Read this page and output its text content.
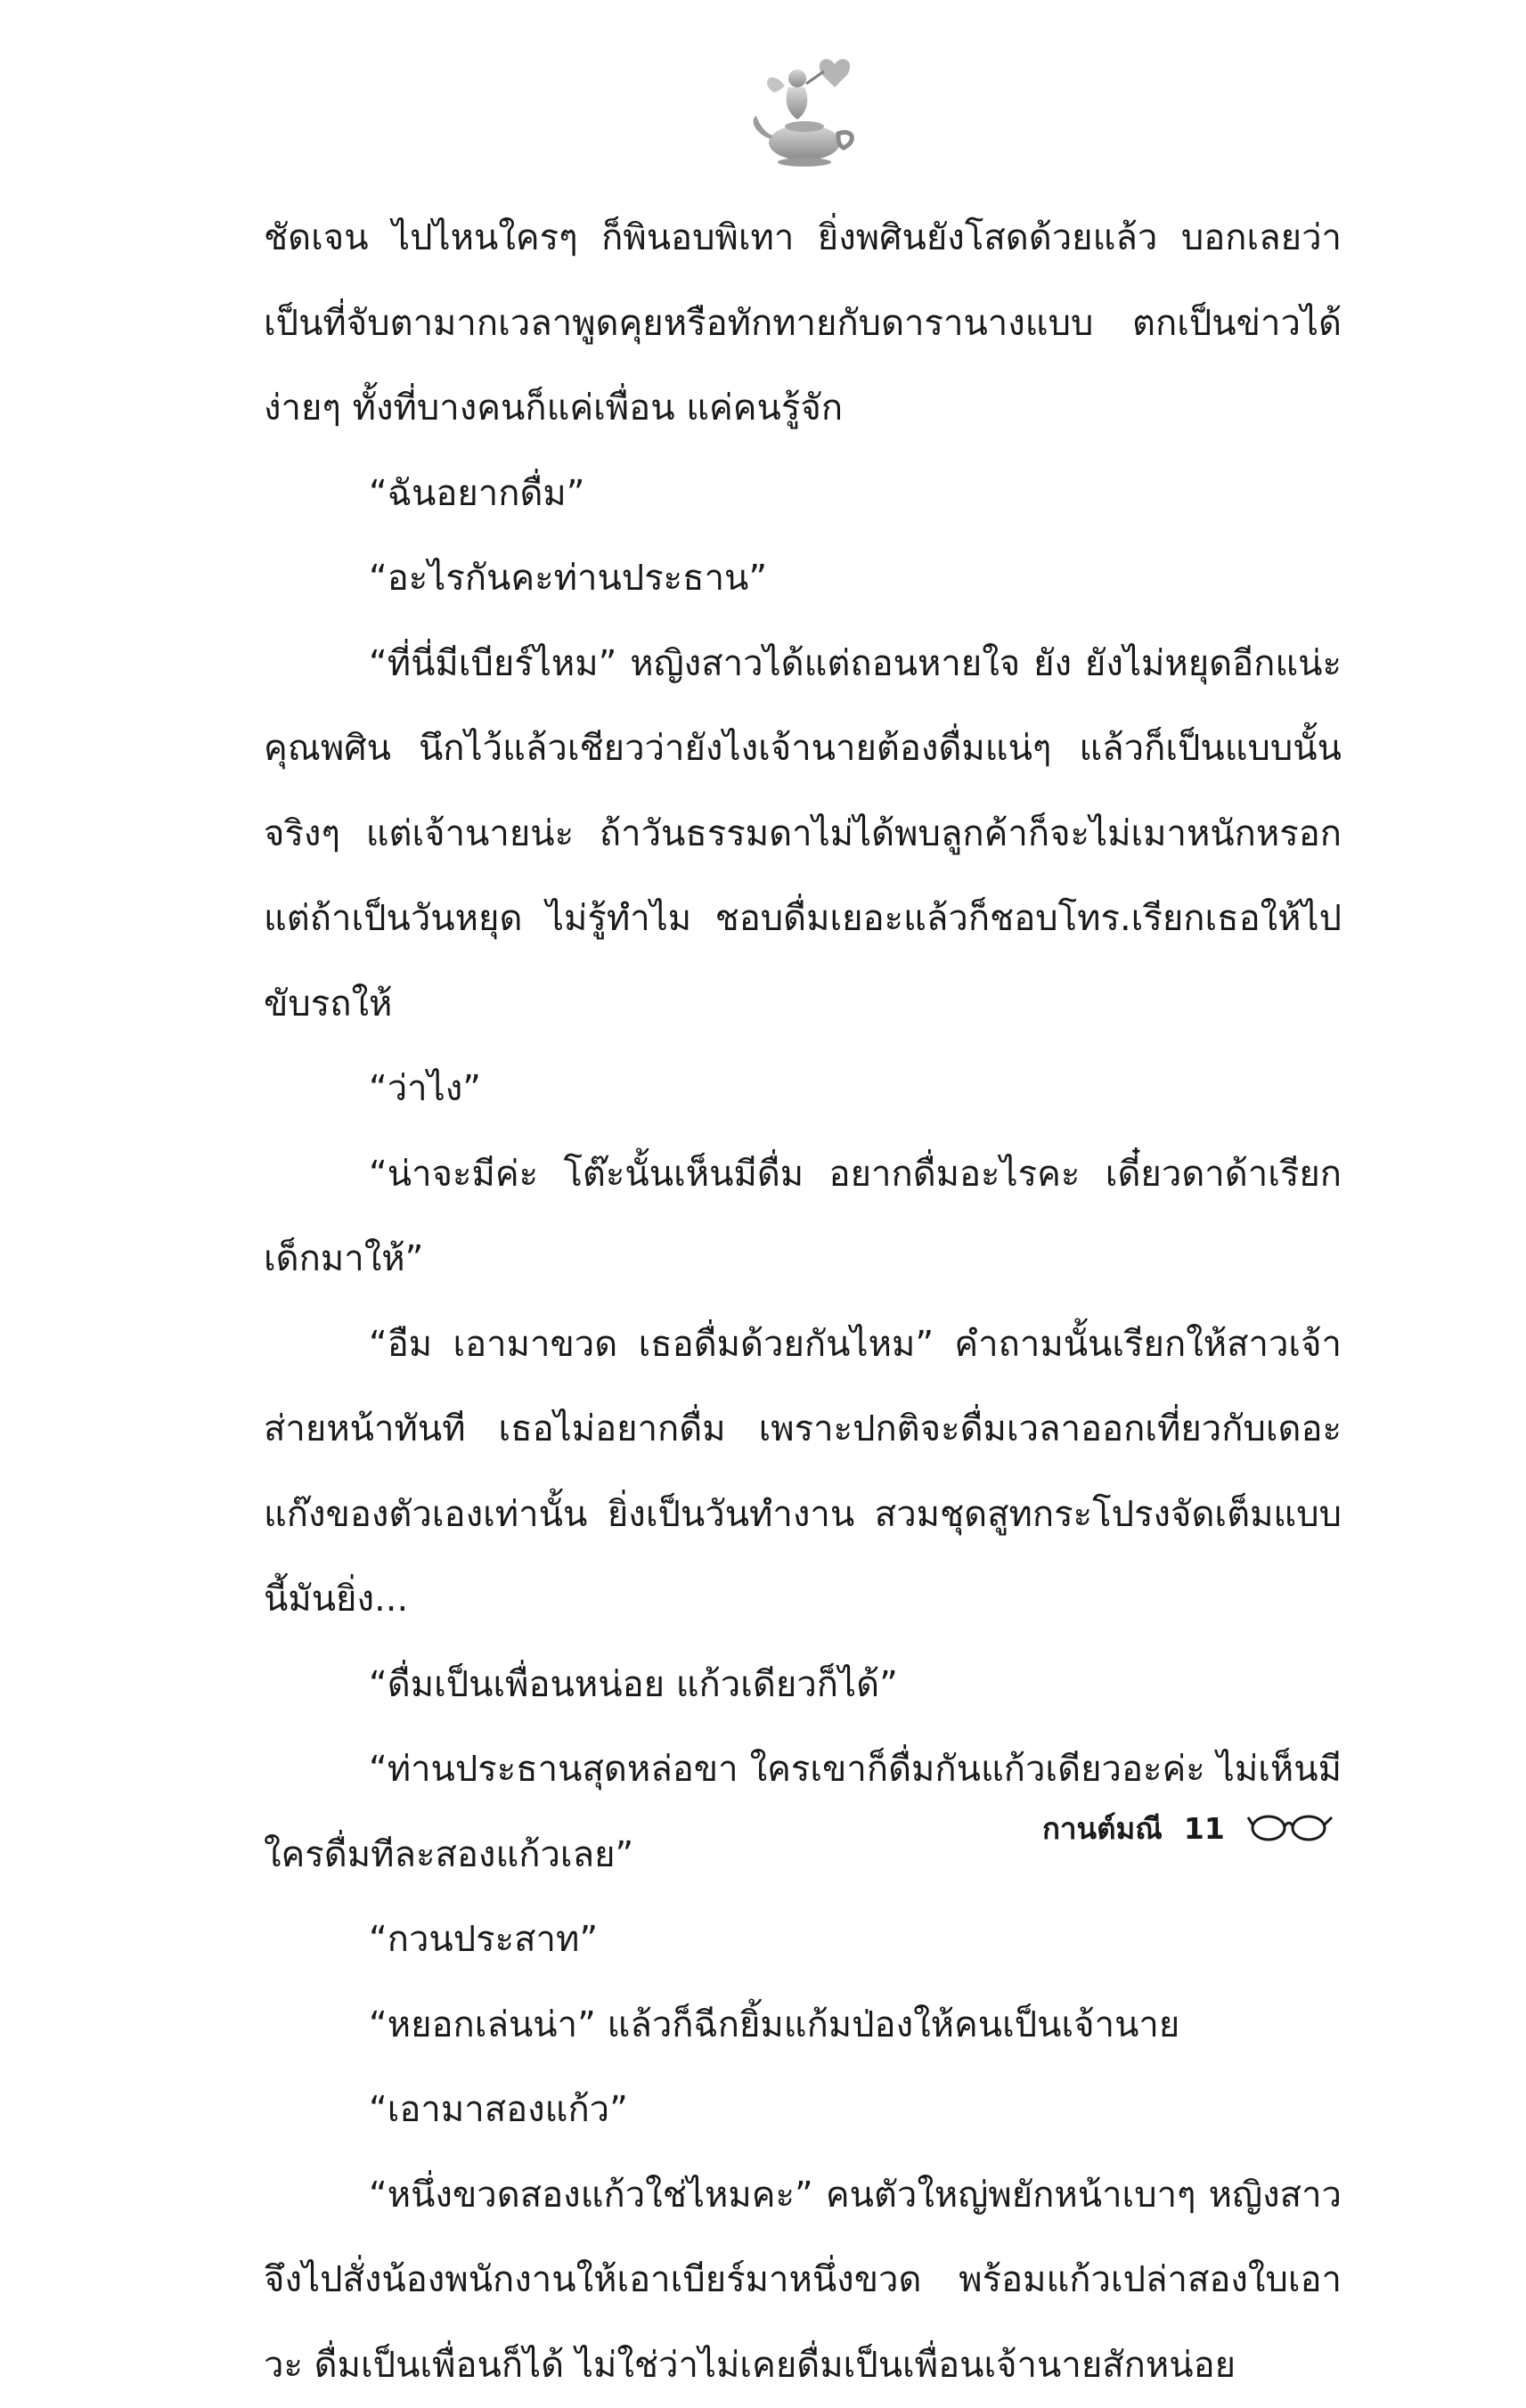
ชัดเจน ไปไหนใครๆ ก็พินอบพิเทา ยิ่งพศินยังโสดด้วยแล้ว บอกเลยว่าเป็นที่จับตามากเวลาพูดคุยหรือทักทายกับดารานางแบบ ตกเป็นข่าวได้ง่ายๆ ทั้งที่บางคนก็แค่เพื่อน แค่คนรู้จัก

“ฉันอยากดื่ม”

“อะไรกันคะท่านประธาน”

“ที่นี่มีเบียร์ไหม” หญิงสาวได้แต่ถอนหายใจ ยัง ยังไม่หยุดอีกแน่ะ คุณพศิน นึกไว้แล้วเชียวว่ายังไงเจ้านายต้องดื่มแน่ๆ แล้วก็เป็นแบบนั้นจริงๆ แต่เจ้านายน่ะ ถ้าวันธรรมดาไม่ได้พบลูกค้าก็จะไม่เมาหนักหรอก แต่ถ้าเป็นวันหยุด ไม่รู้ทำไม ชอบดื่มเยอะแล้วก็ชอบโทร.เรียกเธอให้ไปขับรถให้

“ว่าไง”

“น่าจะมีค่ะ โต๊ะนั้นเห็นมีดื่ม อยากดื่มอะไรคะ เดี๋ยวดาด้าเรียกเด็กมาให้”

“อืม เอามาขวด เธอดื่มด้วยกันไหม” คำถามนั้นเรียกให้สาวเจ้าส่ายหน้าทันที เธอไม่อยากดื่ม เพราะปกติจะดื่มเวลาออกเที่ยวกับเดอะแก๊งของตัวเองเท่านั้น ยิ่งเป็นวันทำงาน สวมชุดสูทกระโปรงจัดเต็มแบบนี้มันยิ่ง...

“ดื่มเป็นเพื่อนหน่อย แก้วเดียวก็ได้”

“ท่านประธานสุดหล่อขา ใครเขาก็ดื่มกันแก้วเดียวอะค่ะ ไม่เห็นมีใครดื่มทีละสองแก้วเลย”

“กวนประสาท”

“หยอกเล่นน่า” แล้วก็ฉีกยิ้มแก้มป่องให้คนเป็นเจ้านาย

“เอามาสองแก้ว”

“หนึ่งขวดสองแก้วใช่ไหมคะ” คนตัวใหญ่พยักหน้าเบาๆ หญิงสาวจึงไปสั่งน้องพนักงานให้เอาเบียร์มาหนึ่งขวด พร้อมแก้วเปล่าสองใบเอาวะ ดื่มเป็นเพื่อนก็ได้ ไม่ใช่ว่าไม่เคยดื่มเป็นเพื่อนเจ้านายสักหน่อย

กานต์มณี 11
